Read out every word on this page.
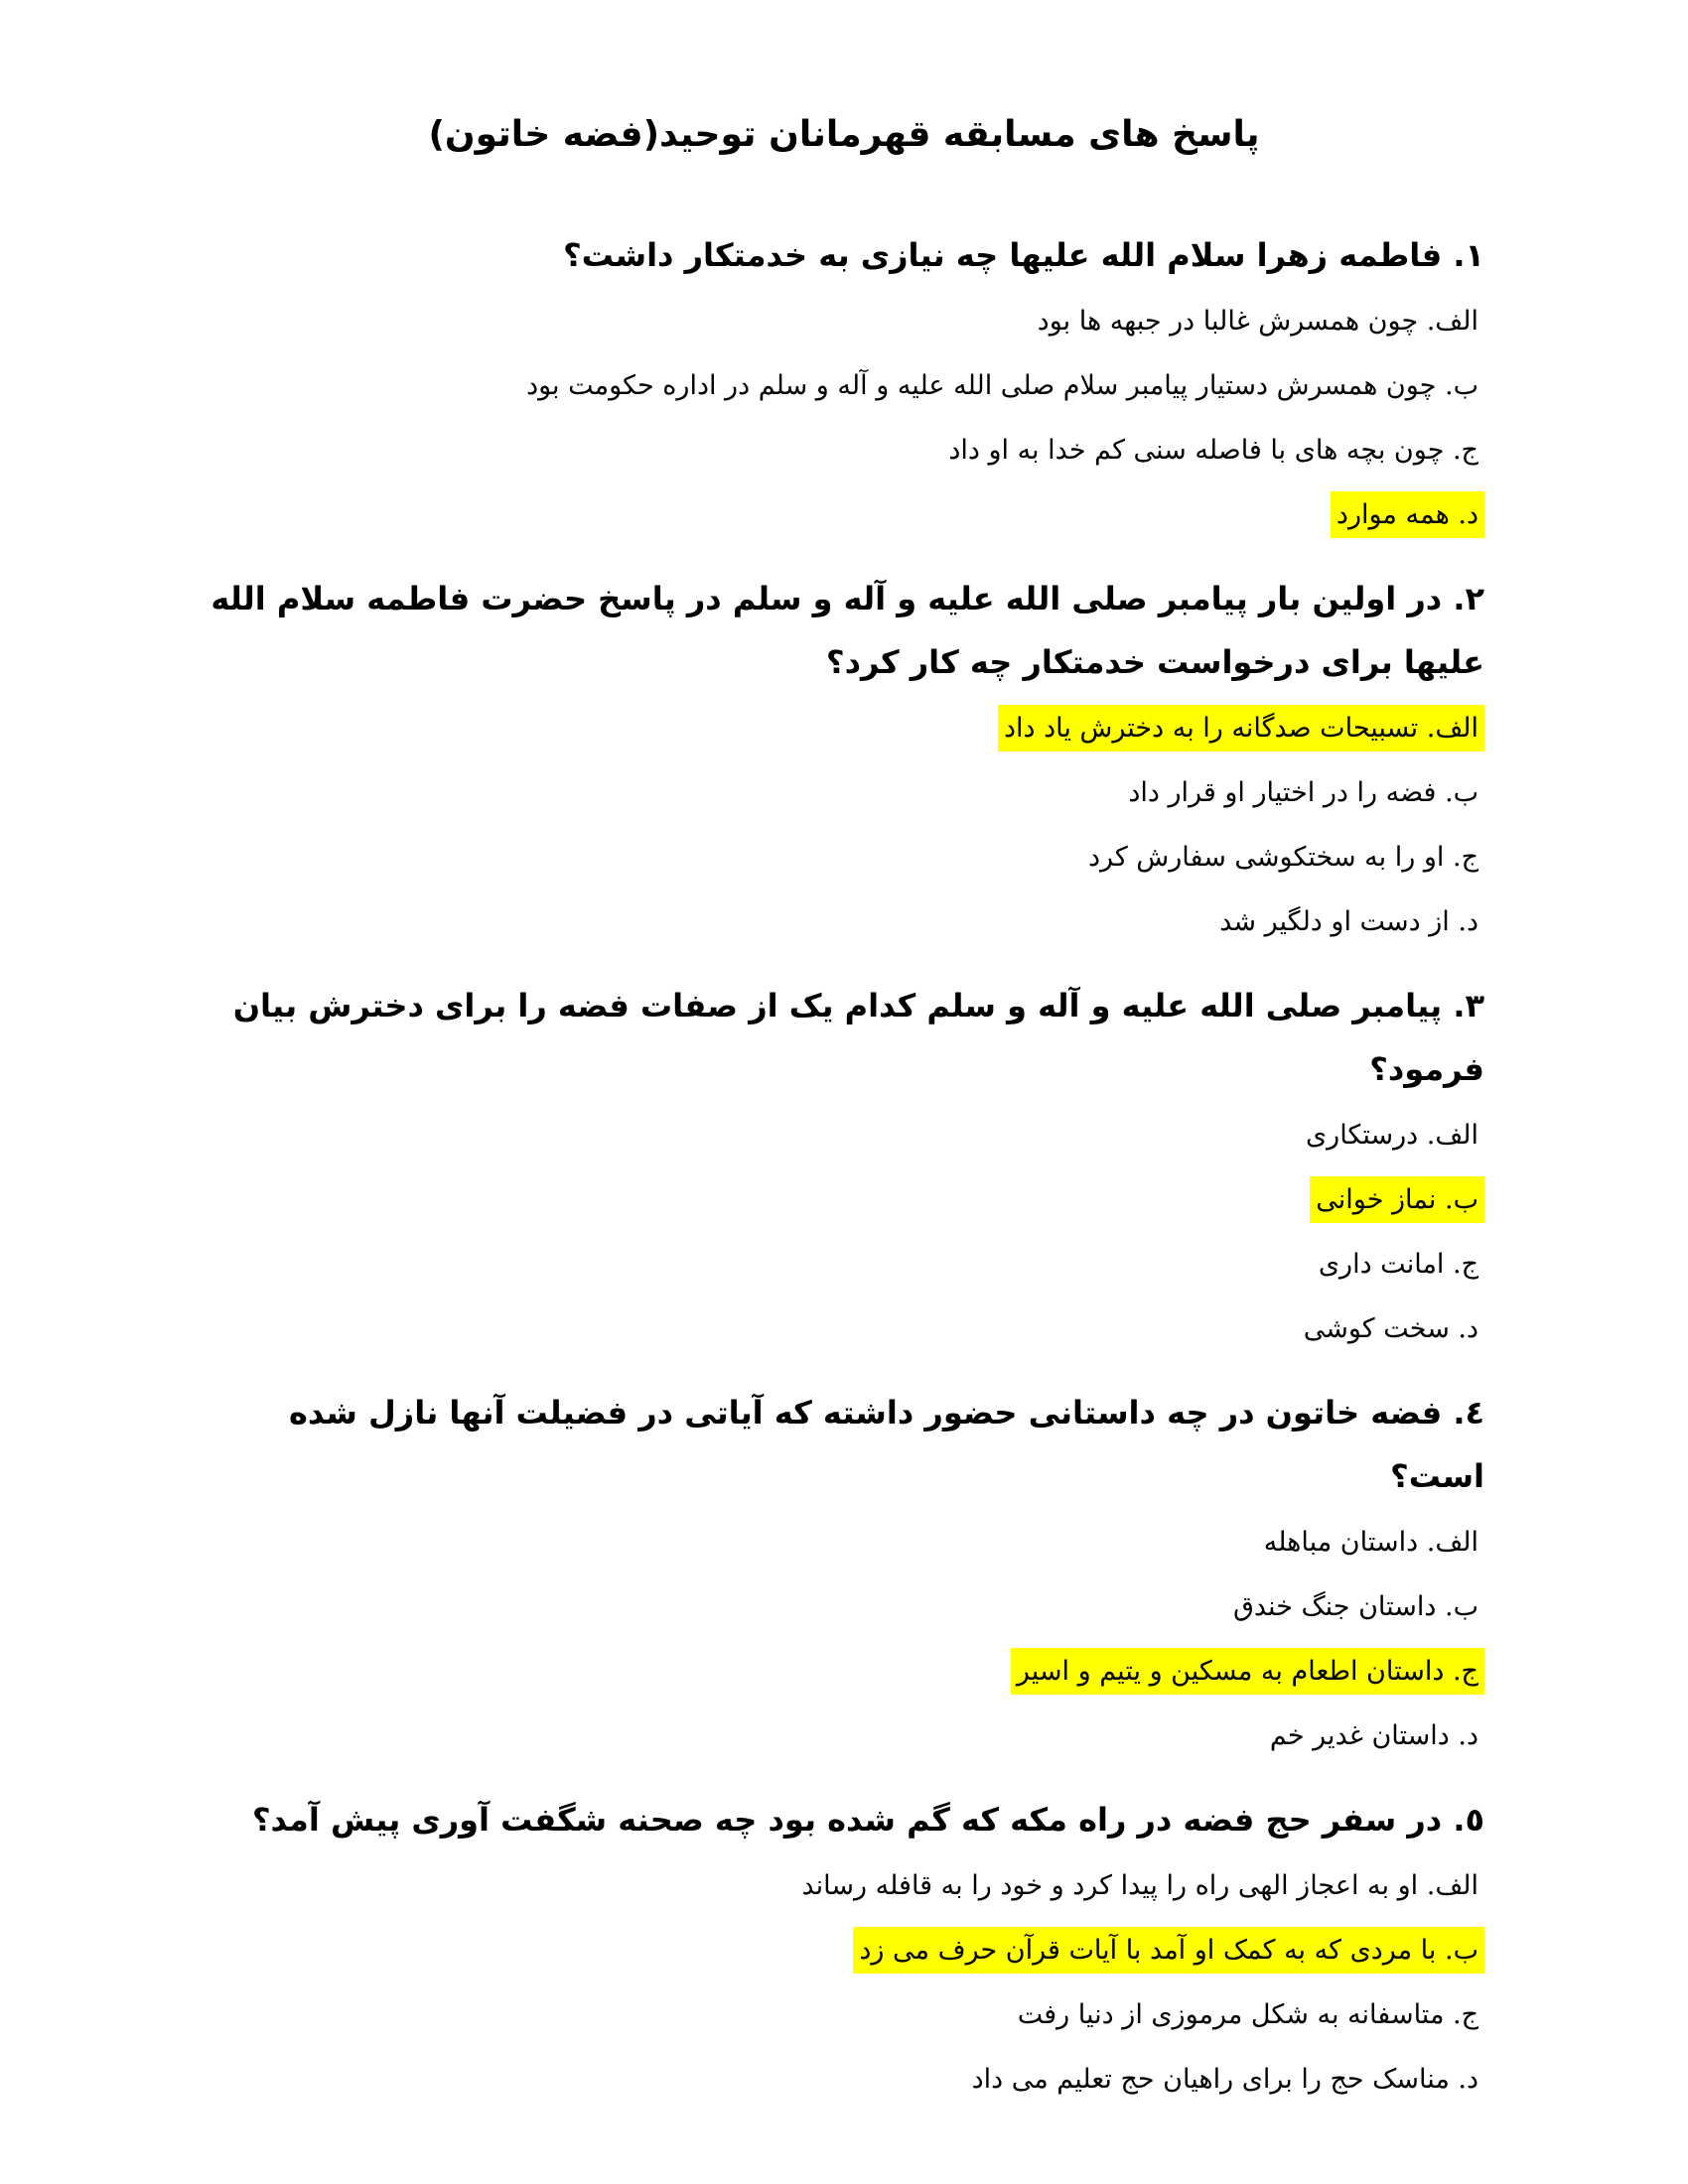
پاسخ های مسابقه قهرمانان توحید(فضه خاتون)
۱. فاطمه زهرا سلام الله علیها چه نیازی به خدمتکار داشت؟
الف. چون همسرش غالبا در جبهه ها بود
ب. چون همسرش دستیار پیامبر سلام صلی الله علیه و آله و سلم در اداره حکومت بود
ج. چون بچه های با فاصله سنی کم خدا به او داد
د. همه موارد
۲. در اولین بار پیامبر صلی الله علیه و آله و سلم در پاسخ حضرت فاطمه سلام الله علیها برای درخواست خدمتکار چه کار کرد؟
الف. تسبیحات صدگانه را به دخترش یاد داد
ب. فضه را در اختیار او قرار داد
ج. او را به سختکوشی سفارش کرد
د. از دست او دلگیر شد
۳. پیامبر صلی الله علیه و آله و سلم کدام یک از صفات فضه را برای دخترش بیان فرمود؟
الف. درستکاری
ب. نماز خوانی
ج. امانت داری
د. سخت کوشی
٤. فضه خاتون در چه داستانی حضور داشته که آیاتی در فضیلت آنها نازل شده است؟
الف. داستان مباهله
ب. داستان جنگ خندق
ج. داستان اطعام به مسکین و یتیم و اسیر
د. داستان غدیر خم
٥. در سفر حج فضه در راه مکه که گم شده بود چه صحنه شگفت آوری پیش آمد؟
الف. او به اعجاز الهی راه را پیدا کرد و خود را به قافله رساند
ب. با مردی که به کمک او آمد با آیات قرآن حرف می زد
ج. متاسفانه به شکل مرموزی از دنیا رفت
د. مناسک حج را برای راهیان حج تعلیم می داد
